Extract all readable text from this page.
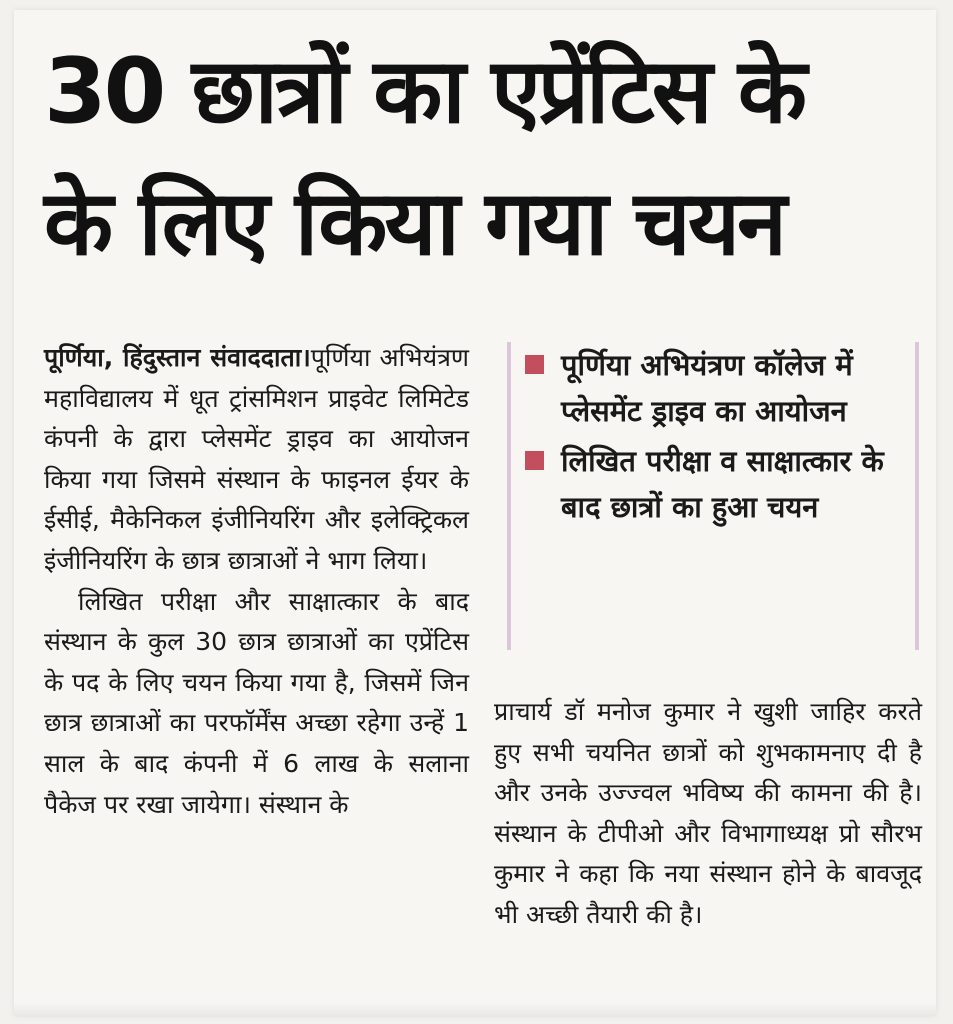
30 छात्रों का एप्रेंटिस के
के लिए किया गया चयन

पूर्णिया, हिंदुस्तान संवाददाता।पूर्णिया अभियंत्रण महाविद्यालय में धूत ट्रांसमिशन प्राइवेट लिमिटेड कंपनी के द्वारा प्लेसमेंट ड्राइव का आयोजन किया गया जिसमे संस्थान के फाइनल ईयर के ईसीई, मैकेनिकल इंजीनियरिंग और इलेक्ट्रिकल इंजीनियरिंग के छात्र छात्राओं ने भाग लिया।

लिखित परीक्षा और साक्षात्कार के बाद संस्थान के कुल 30 छात्र छात्राओं का एप्रेंटिस के पद के लिए चयन किया गया है, जिसमें जिन छात्र छात्राओं का परफॉर्मेंस अच्छा रहेगा उन्हें 1 साल के बाद कंपनी में 6 लाख के सलाना पैकेज पर रखा जायेगा। संस्थान के

पूर्णिया अभियंत्रण कॉलेज में प्लेसमेंट ड्राइव का आयोजन
लिखित परीक्षा व साक्षात्कार के बाद छात्रों का हुआ चयन

प्राचार्य डॉ मनोज कुमार ने खुशी जाहिर करते हुए सभी चयनित छात्रों को शुभकामनाए दी है और उनके उज्ज्वल भविष्य की कामना की है। संस्थान के टीपीओ और विभागाध्यक्ष प्रो सौरभ कुमार ने कहा कि नया संस्थान होने के बावजूद भी अच्छी तैयारी की है।
